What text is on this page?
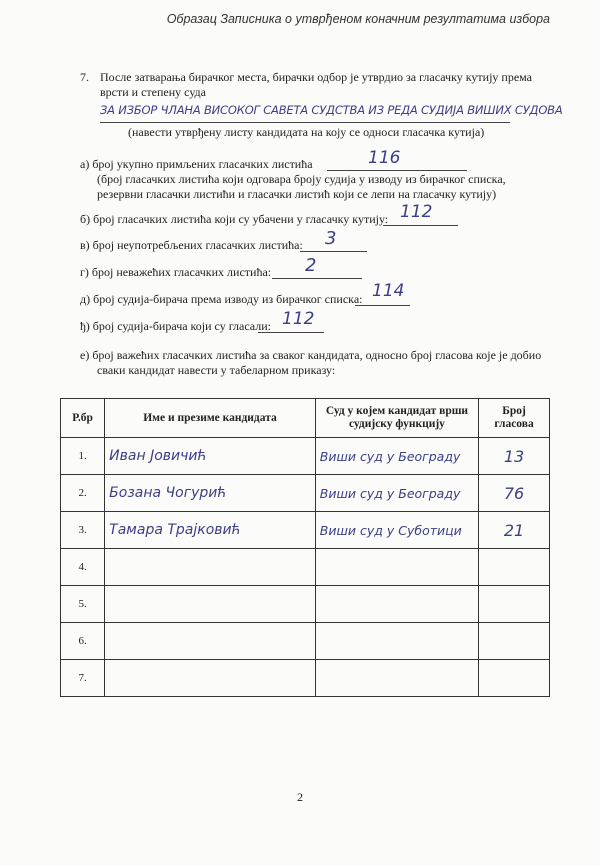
Образац Записника о утврђеном коначним резултатима избора
7. После затварања бирачког места, бирачки одбор је утврдио за гласачку кутију према
врсти и степену суда
ЗА ИЗБОР ЧЛАНА ВИСОКОГ САВЕТА СУДСТВА ИЗ РЕДА СУДИЈА ВИШИХ СУДОВА
(навести утврђену листу кандидата на коју се односи гласачка кутија)
а) број укупно примљених гласачких листића	116
(број гласачких листића који одговара броју судија у изводу из бирачког списка,
резервни гласачки листићи и гласачки листић који се лепи на гласачку кутију)
б) број гласачких листића који су убачени у гласачку кутију: 112
в) број неупотребљених гласачких листића: 3
г) број неважећих гласачких листића: 2
д) број судија-бирача према изводу из бирачког списка: 114
ђ) број судија-бирача који су гласали: 112
е) број важећих гласачких листића за сваког кандидата, односно број гласова које је добио
сваки кандидат навести у табеларном приказу:
Р.бр	Име и презиме кандидата	Суд у којем кандидат врши судијску функцију	Број гласова
1.	Иван Јовичић	Виши суд у Београду	13
2.	Бозана Чогурић	Виши суд у Београду	76
3.	Тамара Трајковић	Виши суд у Суботици	21
4.			
5.			
6.			
7.			
2
